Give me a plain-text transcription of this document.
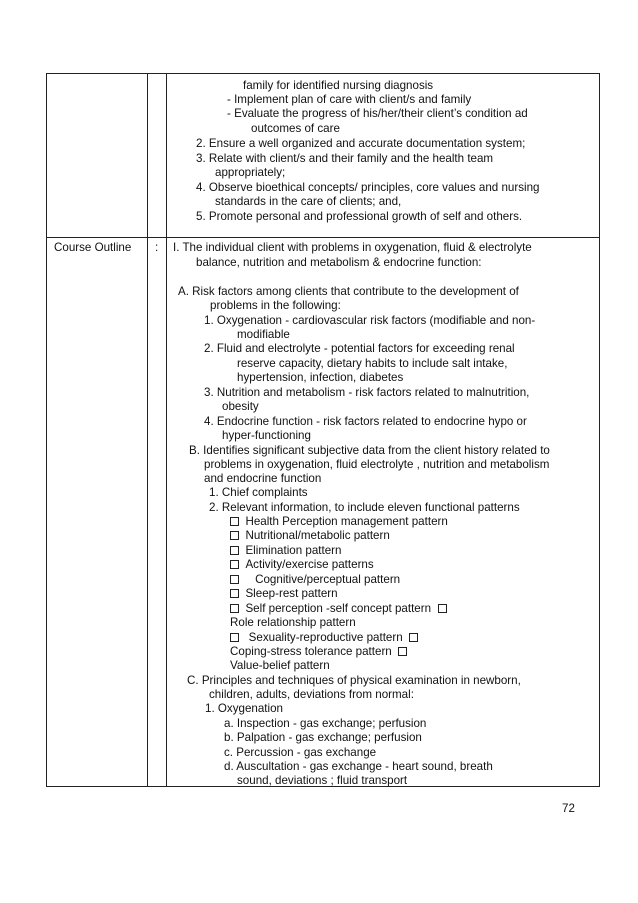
family for identified nursing diagnosis
- Implement plan of care with client/s and family
- Evaluate the progress of his/her/their client’s condition ad
outcomes of care
2. Ensure a well organized and accurate documentation system;
3. Relate with client/s and their family and the health team
appropriately;
4. Observe bioethical concepts/ principles, core values and nursing
standards in the care of clients; and,
5. Promote personal and professional growth of self and others.
Course Outline : I. The individual client with problems in oxygenation, fluid & electrolyte
balance, nutrition and metabolism & endocrine function:
A. Risk factors among clients that contribute to the development of
problems in the following:
1. Oxygenation - cardiovascular risk factors (modifiable and non-
modifiable
2. Fluid and electrolyte - potential factors for exceeding renal
reserve capacity, dietary habits to include salt intake,
hypertension, infection, diabetes
3. Nutrition and metabolism - risk factors related to malnutrition,
obesity
4. Endocrine function - risk factors related to endocrine hypo or
hyper-functioning
B. Identifies significant subjective data from the client history related to
problems in oxygenation, fluid electrolyte , nutrition and metabolism
and endocrine function
1. Chief complaints
2. Relevant information, to include eleven functional patterns
Health Perception management pattern
Nutritional/metabolic pattern
Elimination pattern
Activity/exercise patterns
Cognitive/perceptual pattern
Sleep-rest pattern
Self perception -self concept pattern
Role relationship pattern
Sexuality-reproductive pattern
Coping-stress tolerance pattern
Value-belief pattern
C. Principles and techniques of physical examination in newborn,
children, adults, deviations from normal:
1. Oxygenation
a. Inspection - gas exchange; perfusion
b. Palpation - gas exchange; perfusion
c. Percussion - gas exchange
d. Auscultation - gas exchange - heart sound, breath
sound, deviations ; fluid transport
72
